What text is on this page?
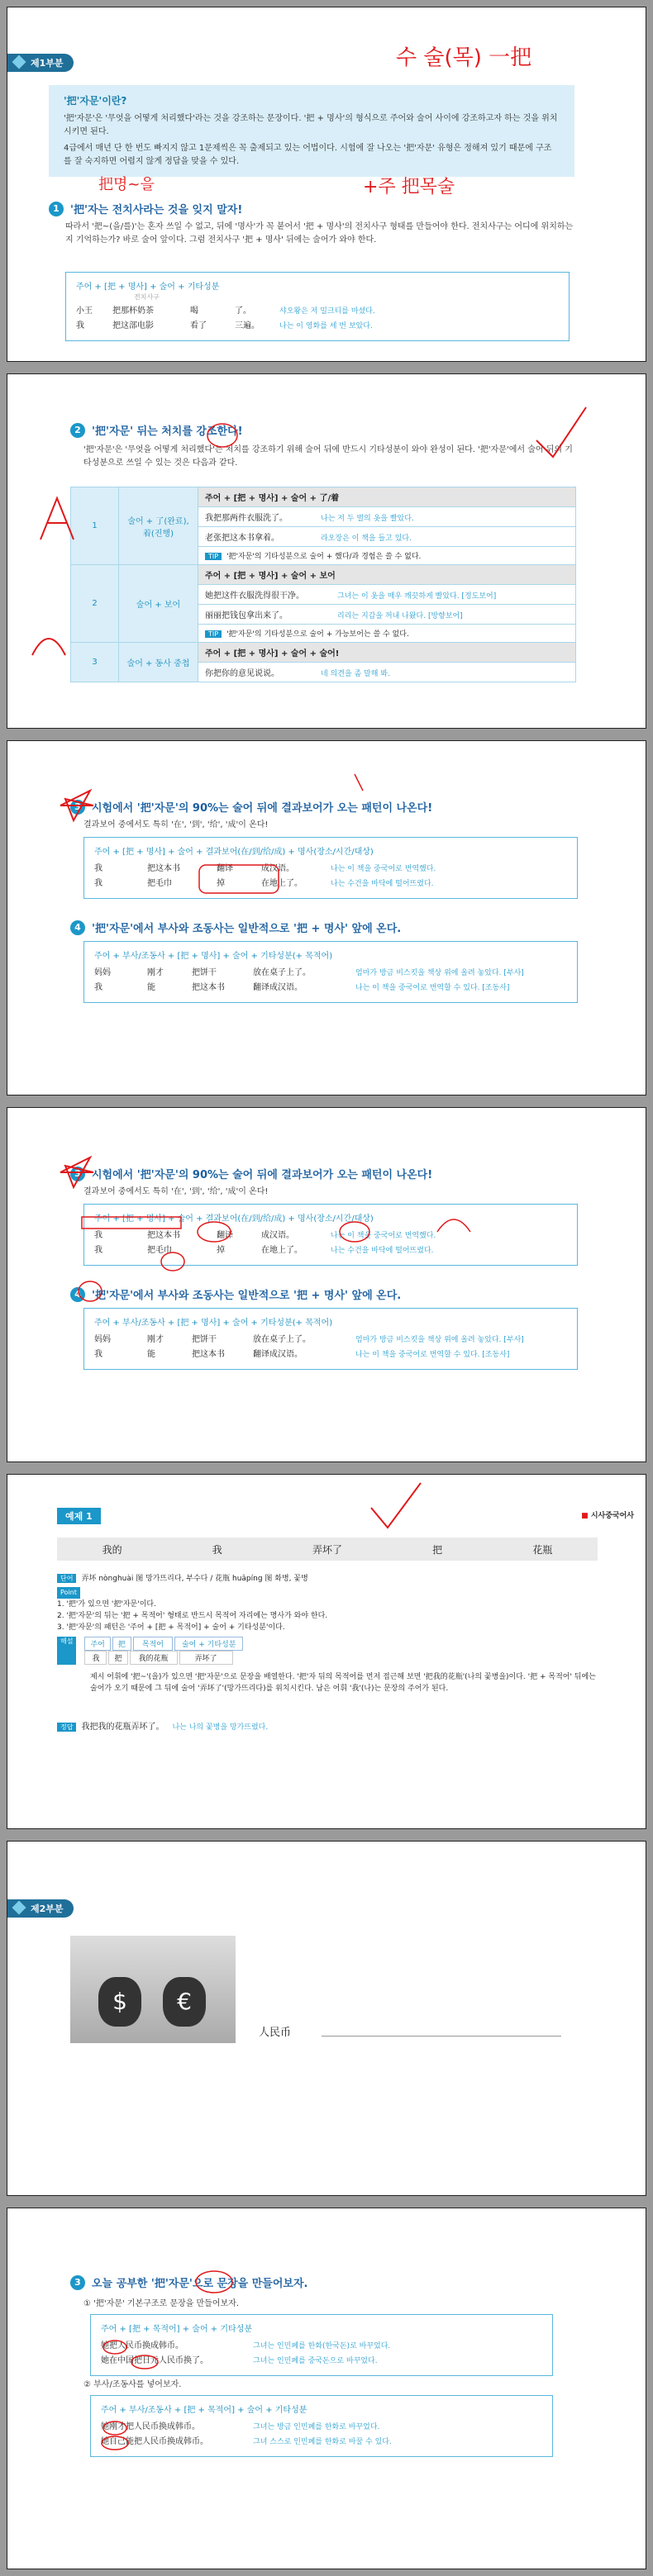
제1부분
'把'자문'이란?

'把'자문'은 '무엇을 어떻게 처리했다'라는 것을 강조하는 문장이다. '把 + 명사'의 형식으로 주어와 술어 사이에 강조하고자 하는 것을 위치시키면 된다.

4급에서 매년 단 한 번도 빠지지 않고 1문제씩은 꼭 출제되고 있는 어법이다. 시험에 잘 나오는 '把'자문' 유형은 정해져 있기 때문에 구조를 잘 숙지하면 어렵지 않게 정답을 맞을 수 있다.

1	'把'자는 전치사라는 것을 잊지 말자!

따라서 '把~(을/를)'는 혼자 쓰일 수 없고, 뒤에 '명사'가 꼭 붙어서 '把 + 명사'의 전치사구 형태를 만들어야 한다. 전치사구는 어디에 위치하는지 기억하는가? 바로 술어 앞이다. 그럼 전치사구 '把 + 명사' 뒤에는 술어가 와야 한다.

주어 + [把 + 명사] + 술어 + 기타성분
전치사구
小王	把那杯奶茶	喝	了。	샤오왕은 저 밀크티를 마셨다.
我	把这部电影	看了	三遍。	나는 이 영화를 세 번 보았다.
수 술(목) 一把
把명~을	+주 把목술
2	'把'자문' 뒤는 처치를 강조한다!

'把'자문'은 '무엇을 어떻게 처리했다'는 처치를 강조하기 위해 술어 뒤에 반드시 기타성분이 와야 완성이 된다. '把'자문'에서 술어 뒤의 기타성분으로 쓰일 수 있는 것은 다음과 같다.

1	술어 + 了(완료), 着(진행)	주어 + [把 + 명사] + 술어 + 了/着
		我把那两件衣服洗了。 나는 저 두 벌의 옷을 빨았다.
		老张把这本书拿着。 라오장은 이 책을 들고 있다.
		TIP '把'자문'의 기타성분으로 술어 + 했다/과 경험은 쓸 수 없다.
2	술어 + 보어	주어 + [把 + 명사] + 술어 + 보어
		她把这件衣服洗得很干净。 그녀는 이 옷을 매우 깨끗하게 빨았다. [정도보어]
		丽丽把钱包拿出来了。 리리는 지갑을 꺼내 나왔다. [방향보어]
		TIP '把'자문'의 기타성분으로 술어 + 가능보어는 쓸 수 없다.
3	술어 + 동사 중첩	주어 + [把 + 명사] + 술어 + 술어!
		你把你的意见说说。 네 의견을 좀 말해 봐.
3	시험에서 '把'자문'의 90%는 술어 뒤에 결과보어가 오는 패턴이 나온다!

결과보어 중에서도 특히 '在', '到', '给', '成'이 온다!

주어 + [把 + 명사] + 술어 + 결과보어(在/到/给/成) + 명사(장소/시간/대상)
我	把这本书	翻译	成汉语。	나는 이 책을 중국어로 번역했다.
我	把毛巾	掉	在地上了。	나는 수건을 바닥에 떨어뜨렸다.
4	'把'자문'에서 부사와 조동사는 일반적으로 '把 + 명사' 앞에 온다.
주어 + 부사/조동사 + [把 + 명사] + 술어 + 기타성분(+ 목적어)
妈妈	刚才	把饼干	放在桌子上了。	엄마가 방금 비스킷을 책상 위에 올려 놓았다. [부사]
我	能	把这本书	翻译成汉语。	나는 이 책을 중국어로 번역할 수 있다. [조동사]
3	시험에서 '把'자문'의 90%는 술어 뒤에 결과보어가 오는 패턴이 나온다!

결과보어 중에서도 특히 '在', '到', '给', '成'이 온다!

주어 + [把 + 명사] + 술어 + 결과보어(在/到/给/成) + 명사(장소/시간/대상)
我	把这本书	翻译	成汉语。	나는 이 책을 중국어로 번역했다.
我	把毛巾	掉	在地上了。	나는 수건을 바닥에 떨어뜨렸다.
4	'把'자문'에서 부사와 조동사는 일반적으로 '把 + 명사' 앞에 온다.
주어 + 부사/조동사 + [把 + 명사] + 술어 + 기타성분(+ 목적어)
妈妈	刚才	把饼干	放在桌子上了。	엄마가 방금 비스킷을 책상 위에 올려 놓았다. [부사]
我	能	把这本书	翻译成汉语。	나는 이 책을 중국어로 번역할 수 있다. [조동사]
예제 1	■ 시사중국어사
我的	我	弄坏了	把	花瓶
단어 弄坏 nònghuài 图 망가뜨리다, 부수다 / 花瓶 huāpíng 图 화병, 꽃병
Point
1. '把'가 있으면 '把'자문'이다.
2. '把'자문'의 뒤는 '把 + 목적어' 형태로 반드시 목적어 자리에는 명사가 와야 한다.
3. '把'자문'의 패턴은 '주어 + [把 + 목적어] + 술어 + 기타성분'이다.
해설	주어	把	목적어	술어 + 기타성분
我	把	我的花瓶	弄坏了

제시 어휘에 '把~'(을)가 있으면 '把'자문'으로 문장을 배열한다. '把'자 뒤의 목적어를 먼저 접근해 보면 '把我的花瓶'(나의 꽃병을)이다. '把 + 목적어' 뒤에는 술어가 오기 때문에 그 뒤에 술어 '弄坏了'(망가뜨리다)를 위치시킨다. 남은 어휘 '我'(나)는 문장의 주어가 된다.

정답 我把我的花瓶弄坏了。 나는 나의 꽃병을 망가뜨렸다.
제2부분
$	€
人民币
3	오늘 공부한 '把'자문'으로 문장을 만들어보자.

① '把'자문' 기본구조로 문장을 만들어보자.

주어 + [把 + 목적어] + 술어 + 기타성분
她把人民币换成韩币。	그녀는 인민폐를 한화(한국돈)로 바꾸었다.
她在中国把日元人民币换了。	그녀는 인민폐를 중국돈으로 바꾸었다.

② 부사/조동사를 넣어보자.

주어 + 부사/조동사 + [把 + 목적어] + 술어 + 기타성분
她刚才把人民币换成韩币。	그녀는 방금 인민폐를 한화로 바꾸었다.
她自己能把人民币换成韩币。	그녀 스스로 인민폐를 한화로 바꿀 수 있다.
